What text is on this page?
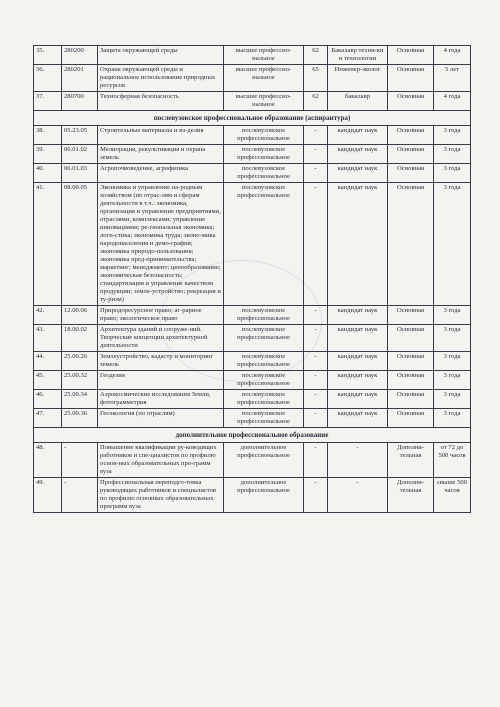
35.	280200	Защита окружающей среды	высшее профессио-нальное	62	Бакалавр техни-ки и технологии	Основная	4 года
36.	280201	Охрана окружающей среды и рациональное использование природных ресурсов	высшее профессио-нальное	65	Инженер-эколог	Основная	5 лет
37.	280700	Техносферная безопасность	высшее профессио-нальное	62	бакалавр	Основная	4 года
послевузовское профессиональное образование (аспирантура)							
38.	05.23.05	Строительные материалы и из-делия	послевузовское профессиональное	-	кандидат наук	Основная	3 года
39.	06.01.02	Мелиорация, рекультивация и охрана земель	послевузовское профессиональное	-	кандидат наук	Основная	3 года
40.	06.01.03	Агропочвоведение, агрофизика	послевузовское профессиональное	-	кандидат наук	Основная	3 года
41.	08.00.05	Экономика и управление на-родным хозяйством (по отрас-лям и сферам деятельности в т.ч.: экономика, организация и управление предприятиями, отраслями, комплексами; управление инновациями; ре-гиональная экономика; логи-стика; экономика труда; эконо-мика народонаселения и демо-графия; экономика природо-пользования; экономика пред-принимательства; маркетинг; менеджмент; ценообразование; экономическая безопасность; стандартизация и управление качеством продукции; земле-устройство; рекреация и ту-ризм)	послевузовское профессиональное	-	кандидат наук	Основная	3 года
42.	12.00.06	Природоресурсное право; аг-рарное право; экологическое право	послевузовское профессиональное	-	кандидат наук	Основная	3 года
43.	18.00.02	Архитектура зданий и сооруже-ний. Творческие концепции архитектурной деятельности	послевузовское профессиональное	-	кандидат наук	Основная	3 года
44.	25.00.26	Землеустройство, кадастр и мониторинг земель	послевузовское профессиональное	-	кандидат наук	Основная	3 года
45.	25.00.32	Геодезия	послевузовское профессиональное	-	кандидат наук	Основная	3 года
46.	25.00.34	Аэрокосмические исследования Земли, фотограмметрия	послевузовское профессиональное	-	кандидат наук	Основная	3 года
47.	25.00.36	Геоэкология (по отраслям)	послевузовское профессиональное	-	кандидат наук	Основная	3 года
дополнительное профессиональное образование							
48.	-	Повышение квалификации ру-ководящих работников и спе-циалистов по профилю основ-ных образовательных про-грамм вуза	дополнительное профессиональное	-	-	Дополни-тельная	от 72 до 500 часов
49.	-	Профессиональная переподго-товка руководящих работников и специалистов по профилю основных образовательных программ вуза	дополнительное профессиональное	-	-	Дополни-тельная	свыше 500 часов
